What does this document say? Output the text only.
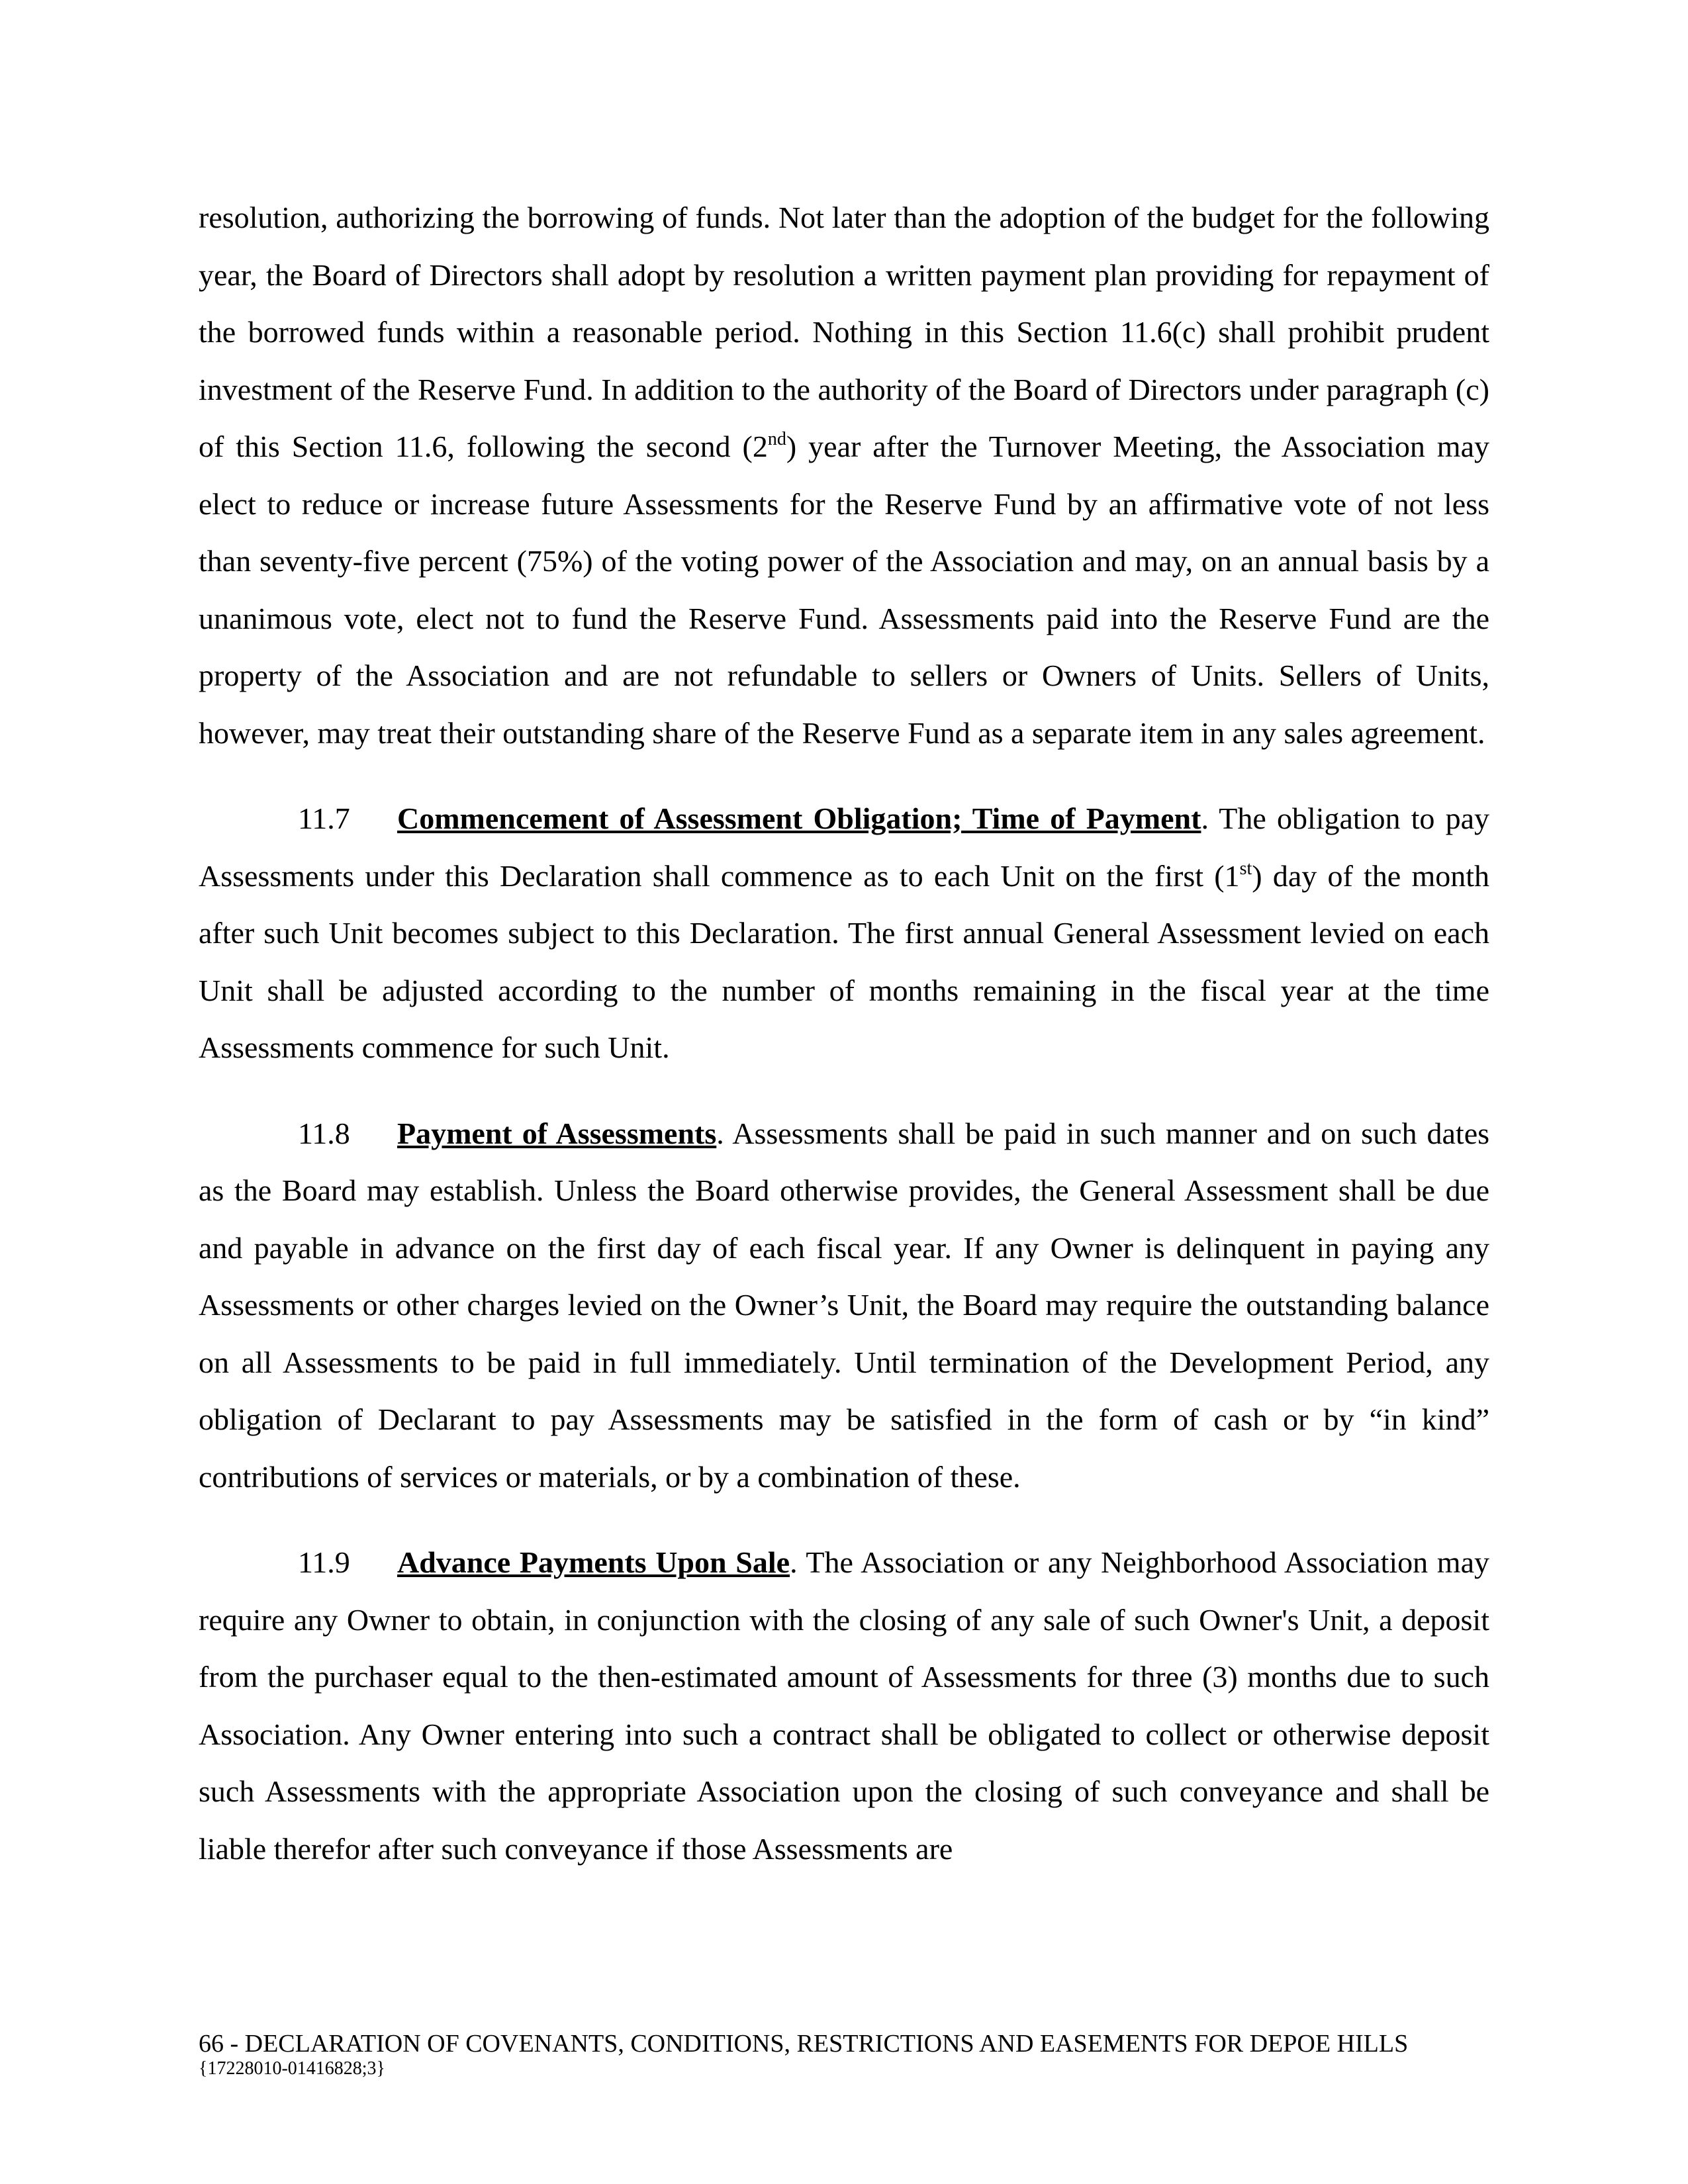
resolution, authorizing the borrowing of funds. Not later than the adoption of the budget for the following year, the Board of Directors shall adopt by resolution a written payment plan providing for repayment of the borrowed funds within a reasonable period. Nothing in this Section 11.6(c) shall prohibit prudent investment of the Reserve Fund. In addition to the authority of the Board of Directors under paragraph (c) of this Section 11.6, following the second (2nd) year after the Turnover Meeting, the Association may elect to reduce or increase future Assessments for the Reserve Fund by an affirmative vote of not less than seventy-five percent (75%) of the voting power of the Association and may, on an annual basis by a unanimous vote, elect not to fund the Reserve Fund. Assessments paid into the Reserve Fund are the property of the Association and are not refundable to sellers or Owners of Units. Sellers of Units, however, may treat their outstanding share of the Reserve Fund as a separate item in any sales agreement.

11.7 Commencement of Assessment Obligation; Time of Payment. The obligation to pay Assessments under this Declaration shall commence as to each Unit on the first (1st) day of the month after such Unit becomes subject to this Declaration. The first annual General Assessment levied on each Unit shall be adjusted according to the number of months remaining in the fiscal year at the time Assessments commence for such Unit.

11.8 Payment of Assessments. Assessments shall be paid in such manner and on such dates as the Board may establish. Unless the Board otherwise provides, the General Assessment shall be due and payable in advance on the first day of each fiscal year. If any Owner is delinquent in paying any Assessments or other charges levied on the Owner’s Unit, the Board may require the outstanding balance on all Assessments to be paid in full immediately. Until termination of the Development Period, any obligation of Declarant to pay Assessments may be satisfied in the form of cash or by “in kind” contributions of services or materials, or by a combination of these.

11.9 Advance Payments Upon Sale. The Association or any Neighborhood Association may require any Owner to obtain, in conjunction with the closing of any sale of such Owner's Unit, a deposit from the purchaser equal to the then-estimated amount of Assessments for three (3) months due to such Association. Any Owner entering into such a contract shall be obligated to collect or otherwise deposit such Assessments with the appropriate Association upon the closing of such conveyance and shall be liable therefor after such conveyance if those Assessments are

66 - DECLARATION OF COVENANTS, CONDITIONS, RESTRICTIONS AND EASEMENTS FOR DEPOE HILLS
{17228010-01416828;3}
